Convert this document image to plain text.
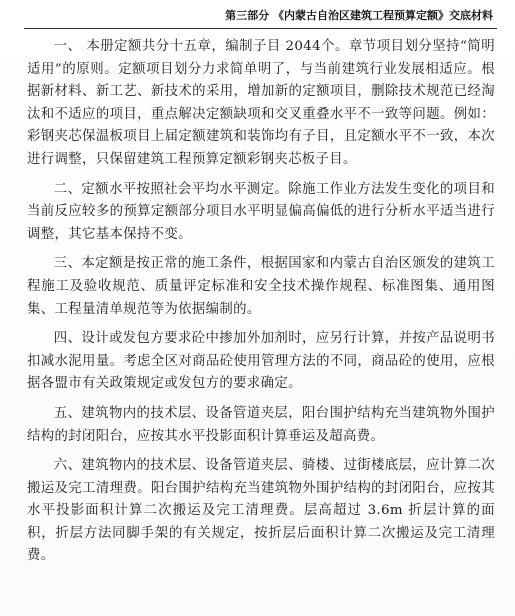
第三部分 《内蒙古自治区建筑工程预算定额》交底材料

一、 本册定额共分十五章，编制子目 2044个。章节项目划分坚持“简明适用”的原则。定额项目划分力求简单明了，与当前建筑行业发展相适应。根据新材料、新工艺、新技术的采用，增加新的定额项目，删除技术规范已经淘汰和不适应的项目，重点解决定额缺项和交叉重叠水平不一致等问题。例如：彩钢夹芯保温板项目上届定额建筑和装饰均有子目，且定额水平不一致，本次进行调整，只保留建筑工程预算定额彩钢夹芯板子目。

二、定额水平按照社会平均水平测定。除施工作业方法发生变化的项目和当前反应较多的预算定额部分项目水平明显偏高偏低的进行分析水平适当进行调整，其它基本保持不变。

三、本定额是按正常的施工条件，根据国家和内蒙古自治区颁发的建筑工程施工及验收规范、质量评定标准和安全技术操作规程、标准图集、通用图集、工程量清单规范等为依据编制的。

四、设计或发包方要求砼中掺加外加剂时，应另行计算，并按产品说明书扣减水泥用量。考虑全区对商品砼使用管理方法的不同，商品砼的使用，应根据各盟市有关政策规定或发包方的要求确定。

五、建筑物内的技术层、设备管道夹层，阳台围护结构充当建筑物外围护结构的封闭阳台，应按其水平投影面积计算垂运及超高费。

六、建筑物内的技术层、设备管道夹层、骑楼、过街楼底层，应计算二次搬运及完工清理费。阳台围护结构充当建筑物外围护结构的封闭阳台，应按其水平投影面积计算二次搬运及完工清理费。层高超过 3.6m 折层计算的面积，折层方法同脚手架的有关规定，按折层后面积计算二次搬运及完工清理费。
